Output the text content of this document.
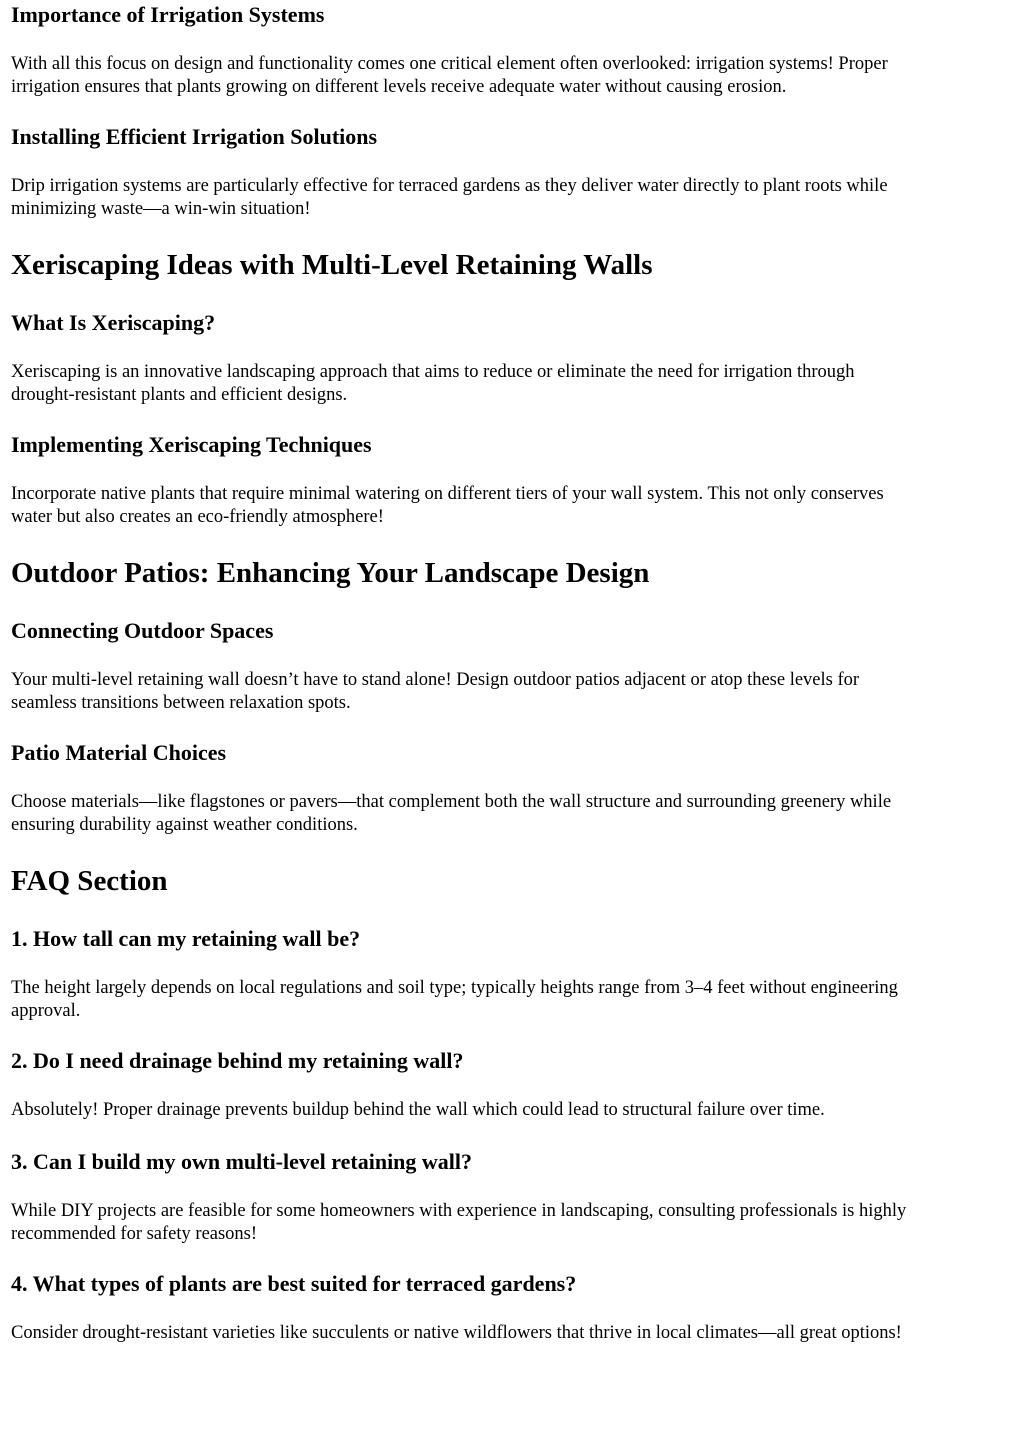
Importance of Irrigation Systems

With all this focus on design and functionality comes one critical element often overlooked: irrigation systems! Proper

irrigation ensures that plants growing on different levels receive adequate water without causing erosion.

Installing Efficient Irrigation Solutions

Drip irrigation systems are particularly effective for terraced gardens as they deliver water directly to plant roots while

minimizing waste—a win-win situation!

Xeriscaping Ideas with Multi-Level Retaining Walls
What Is Xeriscaping?

Xeriscaping is an innovative landscaping approach that aims to reduce or eliminate the need for irrigation through

drought-resistant plants and efficient designs.

Implementing Xeriscaping Techniques

Incorporate native plants that require minimal watering on different tiers of your wall system. This not only conserves

water but also creates an eco-friendly atmosphere!

Outdoor Patios: Enhancing Your Landscape Design
Connecting Outdoor Spaces

Your multi-level retaining wall doesn’t have to stand alone! Design outdoor patios adjacent or atop these levels for

seamless transitions between relaxation spots.

Patio Material Choices

Choose materials—like flagstones or pavers—that complement both the wall structure and surrounding greenery while

ensuring durability against weather conditions.

FAQ Section
1. How tall can my retaining wall be?

The height largely depends on local regulations and soil type; typically heights range from 3–4 feet without engineering

approval.

2. Do I need drainage behind my retaining wall?

Absolutely! Proper drainage prevents buildup behind the wall which could lead to structural failure over time.

3. Can I build my own multi-level retaining wall?

While DIY projects are feasible for some homeowners with experience in landscaping, consulting professionals is highly

recommended for safety reasons!

4. What types of plants are best suited for terraced gardens?

Consider drought-resistant varieties like succulents or native wildflowers that thrive in local climates—all great options!
